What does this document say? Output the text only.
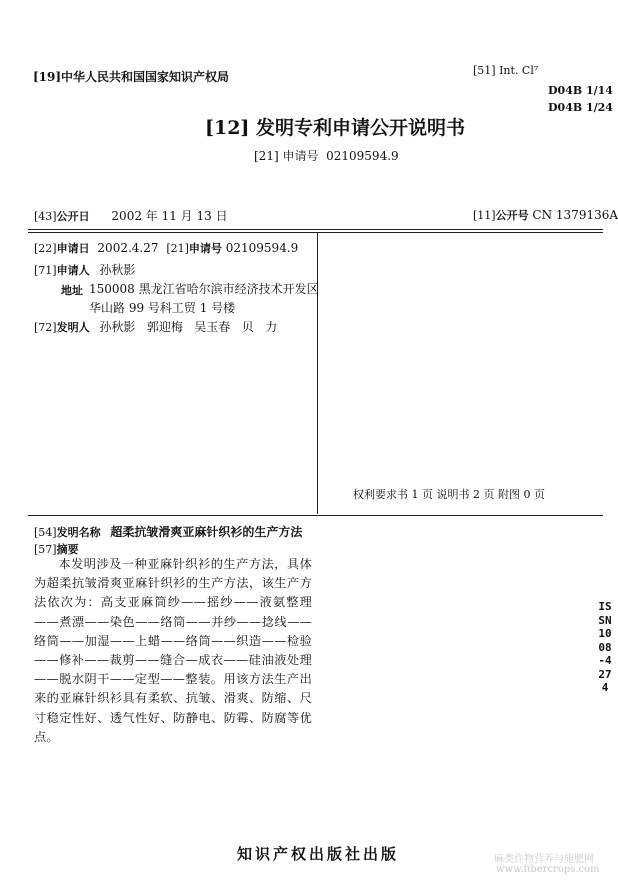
[19]中华人民共和国国家知识产权局	[51] Int. Cl⁷
D04B 1/14
D04B 1/24
[12] 发明专利申请公开说明书
[21] 申请号 02109594.9
[43]公开日 2002 年 11 月 13 日	[11]公开号 CN 1379136A
[22]申请日 2002.4.27 [21]申请号 02109594.9
[71]申请人 孙秋影
地址 150008 黑龙江省哈尔滨市经济技术开发区
华山路 99 号科工贸 1 号楼
[72]发明人 孙秋影   郭迎梅   吴玉春   贝   力
权利要求书 1 页 说明书 2 页 附图 0 页
[54]发明名称 超柔抗皱滑爽亚麻针织衫的生产方法
[57]摘要
本发明涉及一种亚麻针织衫的生产方法，具体为超柔抗皱滑爽亚麻针织衫的生产方法，该生产方法依次为：高支亚麻筒纱——摇纱——液氨整理——煮漂——染色——络筒——并纱——捻线——络筒——加湿——上蜡——络筒——织造——检验——修补——裁剪——缝合—成衣——硅油液处理——脱水阴干——定型——整装。用该方法生产出来的亚麻针织衫具有柔软、抗皱、滑爽、防缩、尺寸稳定性好、透气性好、防静电、防霉、防腐等优点。
ISSN1008-4274
知识产权出版社出版	麻类作物营养与施肥网
www.fibercrops.com
